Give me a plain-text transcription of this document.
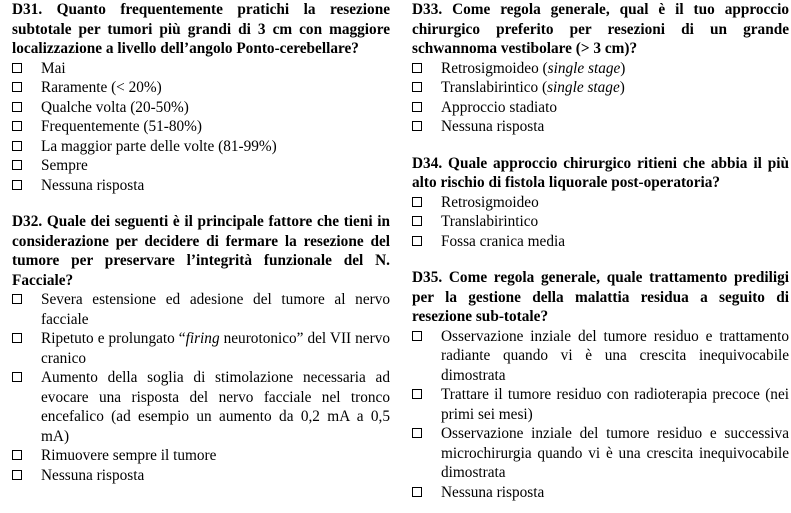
D31. Quanto frequentemente pratichi la resezione subtotale per tumori più grandi di 3 cm con maggiore localizzazione a livello dell’angolo Ponto-cerebellare?

Mai
Raramente (< 20%)
Qualche volta (20-50%)
Frequentemente (51-80%)
La maggior parte delle volte (81-99%)
Sempre
Nessuna risposta

D32. Quale dei seguenti è il principale fattore che tieni in considerazione per decidere di fermare la resezione del tumore per preservare l’integrità funzionale del N. Facciale?

Severa estensione ed adesione del tumore al nervo facciale
Ripetuto e prolungato “firing neurotonico” del VII nervo cranico
Aumento della soglia di stimolazione necessaria ad evocare una risposta del nervo facciale nel tronco encefalico (ad esempio un aumento da 0,2 mA a 0,5 mA)
Rimuovere sempre il tumore
Nessuna risposta

D33. Come regola generale, qual è il tuo approccio chirurgico preferito per resezioni di un grande schwannoma vestibolare (> 3 cm)?

Retrosigmoideo (single stage)
Translabirintico (single stage)
Approccio stadiato
Nessuna risposta

D34. Quale approccio chirurgico ritieni che abbia il più alto rischio di fistola liquorale post-operatoria?

Retrosigmoideo
Translabirintico
Fossa cranica media

D35. Come regola generale, quale trattamento prediligi per la gestione della malattia residua a seguito di resezione sub-totale?

Osservazione inziale del tumore residuo e trattamento radiante quando vi è una crescita inequivocabile dimostrata
Trattare il tumore residuo con radioterapia precoce (nei primi sei mesi)
Osservazione inziale del tumore residuo e successiva microchirurgia quando vi è una crescita inequivocabile dimostrata
Nessuna risposta
